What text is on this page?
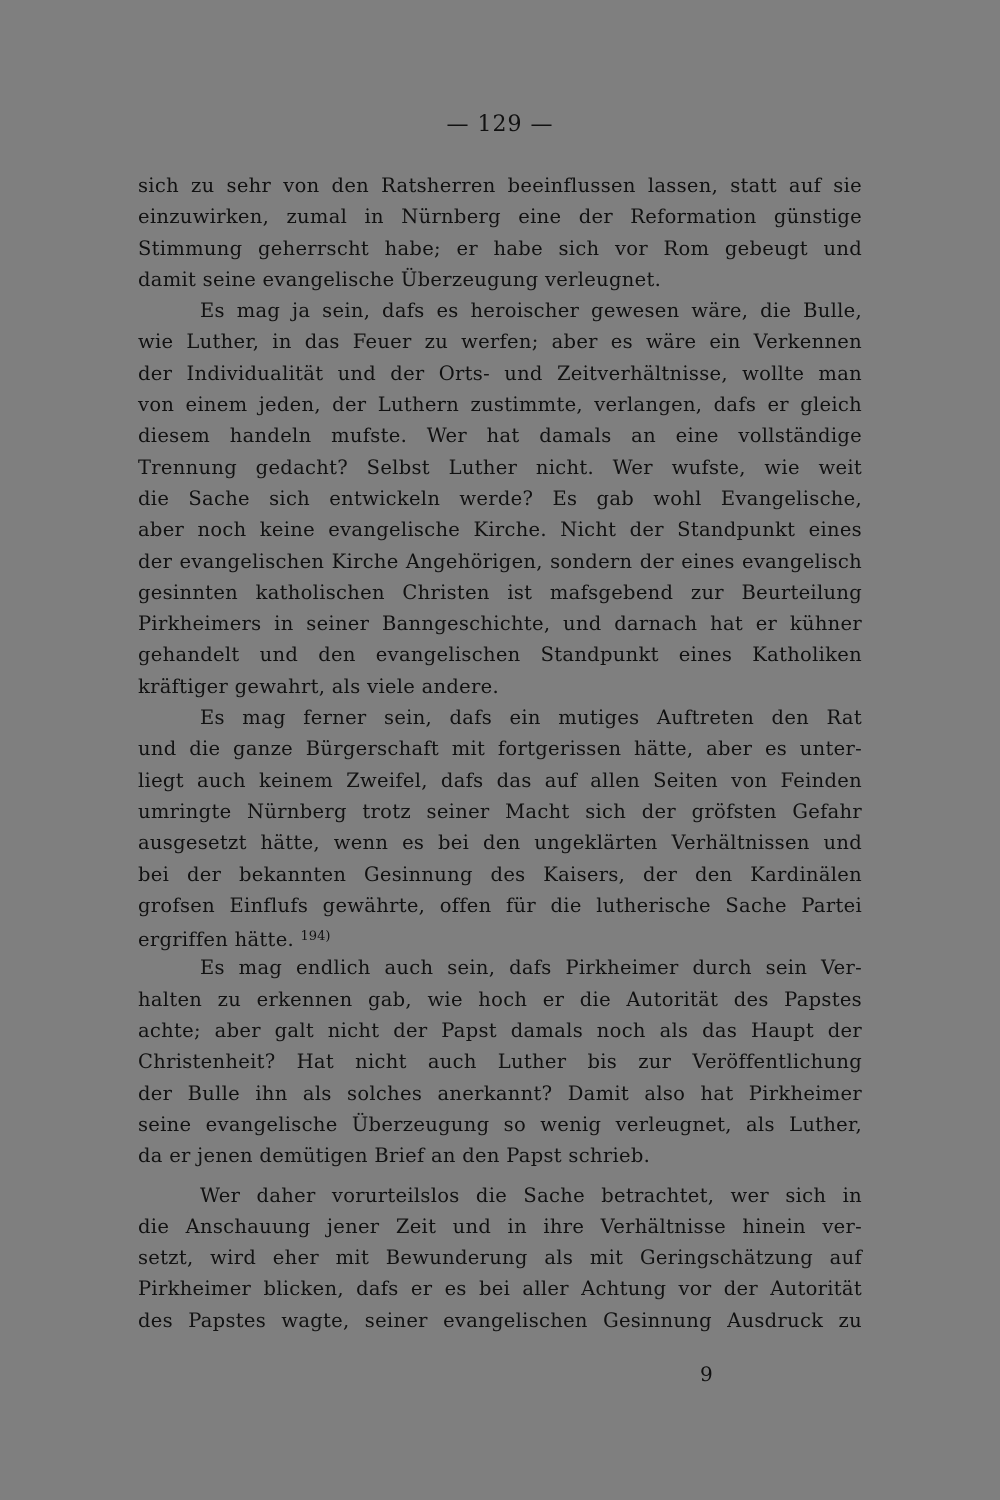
— 129 —
sich zu sehr von den Ratsherren beeinflussen lassen, statt auf sie
einzuwirken, zumal in Nürnberg eine der Reformation günstige
Stimmung geherrscht habe; er habe sich vor Rom gebeugt und
damit seine evangelische Überzeugung verleugnet.
Es mag ja sein, dafs es heroischer gewesen wäre, die Bulle,
wie Luther, in das Feuer zu werfen; aber es wäre ein Verkennen
der Individualität und der Orts- und Zeitverhältnisse, wollte man
von einem jeden, der Luthern zustimmte, verlangen, dafs er gleich
diesem handeln mufste. Wer hat damals an eine vollständige
Trennung gedacht? Selbst Luther nicht. Wer wufste, wie weit
die Sache sich entwickeln werde? Es gab wohl Evangelische,
aber noch keine evangelische Kirche. Nicht der Standpunkt eines
der evangelischen Kirche Angehörigen, sondern der eines evangelisch
gesinnten katholischen Christen ist mafsgebend zur Beurteilung
Pirkheimers in seiner Banngeschichte, und darnach hat er kühner
gehandelt und den evangelischen Standpunkt eines Katholiken
kräftiger gewahrt, als viele andere.
Es mag ferner sein, dafs ein mutiges Auftreten den Rat
und die ganze Bürgerschaft mit fortgerissen hätte, aber es unter-
liegt auch keinem Zweifel, dafs das auf allen Seiten von Feinden
umringte Nürnberg trotz seiner Macht sich der gröfsten Gefahr
ausgesetzt hätte, wenn es bei den ungeklärten Verhältnissen und
bei der bekannten Gesinnung des Kaisers, der den Kardinälen
grofsen Einflufs gewährte, offen für die lutherische Sache Partei
ergriffen hätte. $^{194)}$
Es mag endlich auch sein, dafs Pirkheimer durch sein Ver-
halten zu erkennen gab, wie hoch er die Autorität des Papstes
achte; aber galt nicht der Papst damals noch als das Haupt der
Christenheit? Hat nicht auch Luther bis zur Veröffentlichung
der Bulle ihn als solches anerkannt? Damit also hat Pirkheimer
seine evangelische Überzeugung so wenig verleugnet, als Luther,
da er jenen demütigen Brief an den Papst schrieb.
Wer daher vorurteilslos die Sache betrachtet, wer sich in
die Anschauung jener Zeit und in ihre Verhältnisse hinein ver-
setzt, wird eher mit Bewunderung als mit Geringschätzung auf
Pirkheimer blicken, dafs er es bei aller Achtung vor der Autorität
des Papstes wagte, seiner evangelischen Gesinnung Ausdruck zu
9
